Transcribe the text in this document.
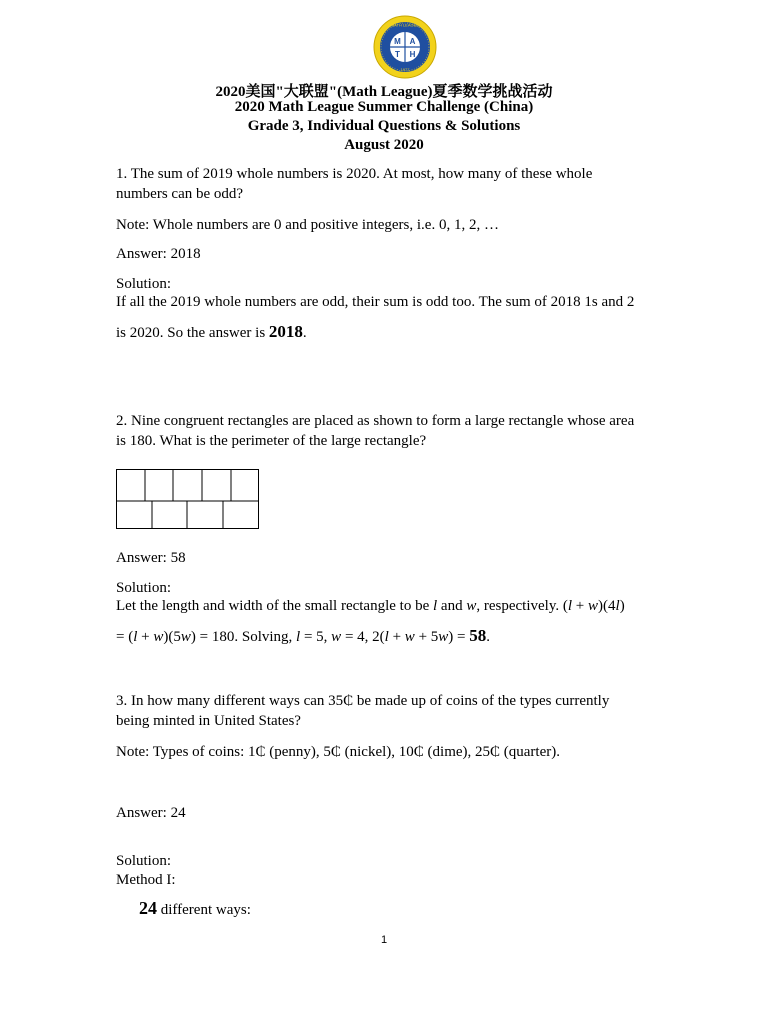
M A
T H
MATH LEAGUE
1977
2020美国"大联盟"(Math League)夏季数学挑战活动
2020 Math League Summer Challenge (China)
Grade 3, Individual Questions & Solutions
August 2020
1. The sum of 2019 whole numbers is 2020. At most, how many of these whole
numbers can be odd?
Note: Whole numbers are 0 and positive integers, i.e. 0, 1, 2, …
Answer: 2018
Solution:
If all the 2019 whole numbers are odd, their sum is odd too. The sum of 2018 1s and 2
is 2020. So the answer is 2018.
2. Nine congruent rectangles are placed as shown to form a large rectangle whose area
is 180. What is the perimeter of the large rectangle?
Answer: 58
Solution:
Let the length and width of the small rectangle to be l and w, respectively. (l + w)(4l)
= (l + w)(5w) = 180. Solving, l = 5, w = 4, 2(l + w + 5w) = 58.
3. In how many different ways can 35₵ be made up of coins of the types currently
being minted in United States?
Note: Types of coins: 1₵ (penny), 5₵ (nickel), 10₵ (dime), 25₵ (quarter).
Answer: 24
Solution:
Method I:
24 different ways:
1
